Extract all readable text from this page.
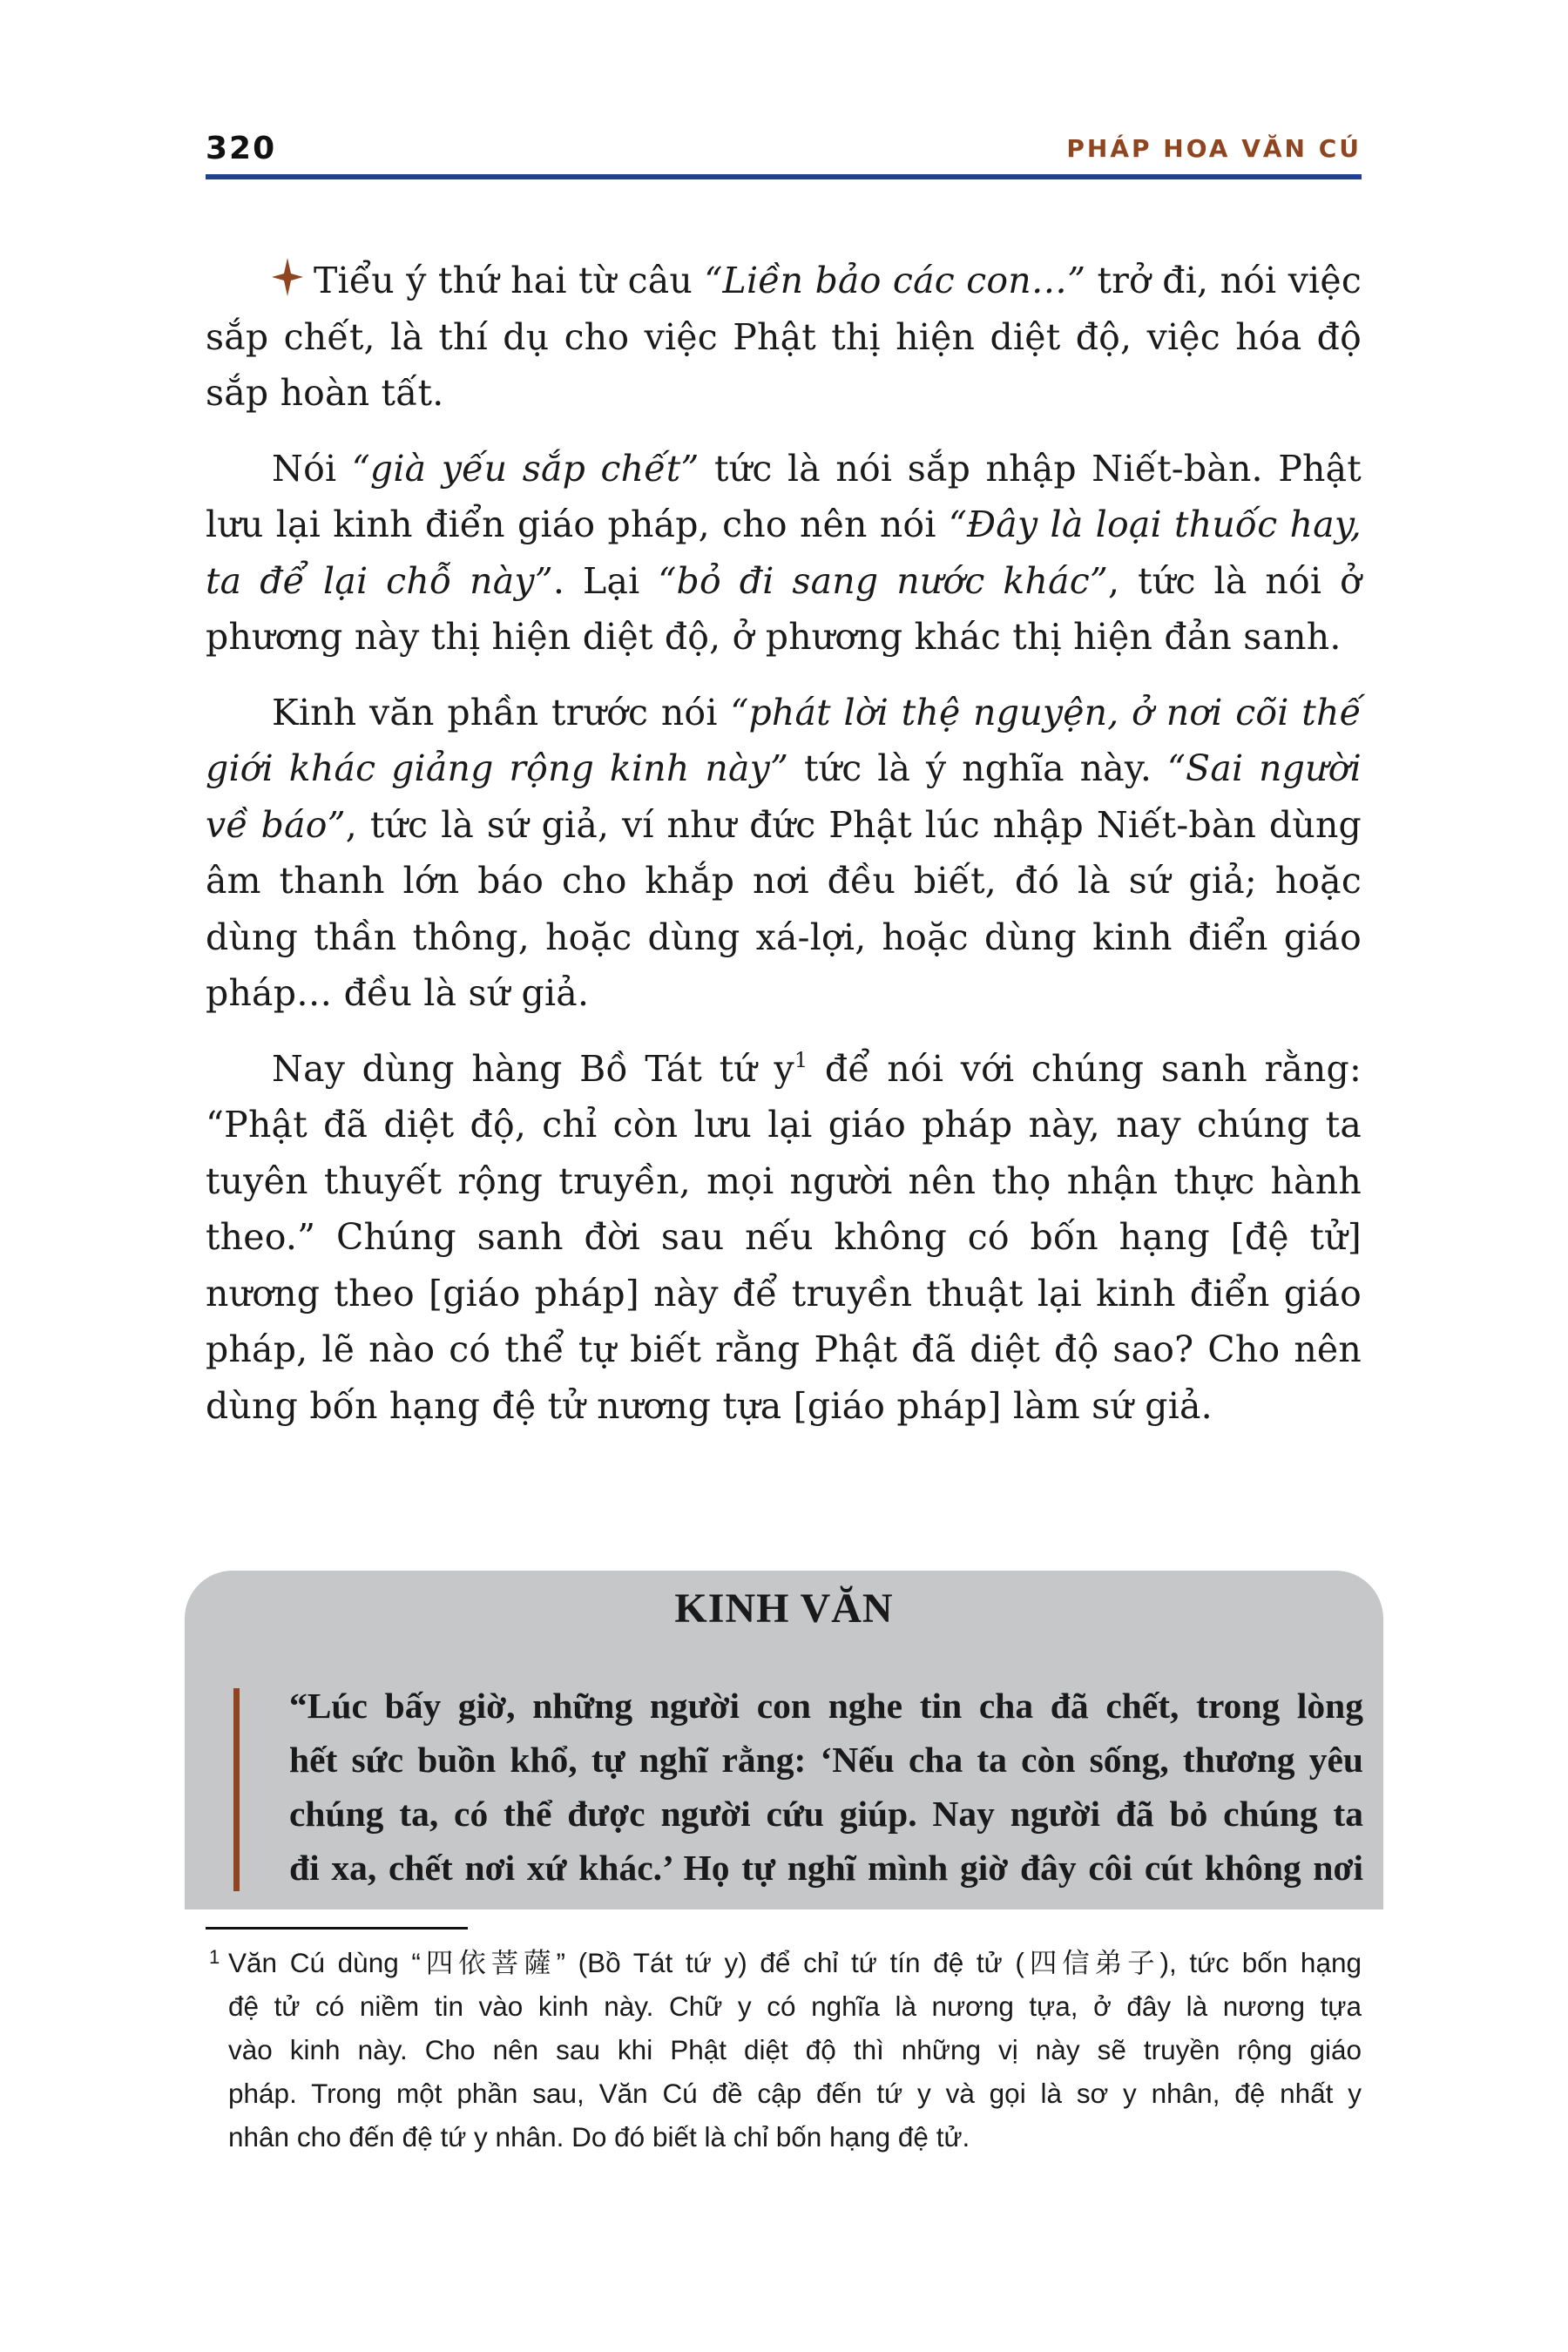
320	PHÁP HOA VĂN CÚ

Tiểu ý thứ hai từ câu “Liền bảo các con…” trở đi, nói việc sắp chết, là thí dụ cho việc Phật thị hiện diệt độ, việc hóa độ sắp hoàn tất.

Nói “già yếu sắp chết” tức là nói sắp nhập Niết-bàn. Phật lưu lại kinh điển giáo pháp, cho nên nói “Đây là loại thuốc hay, ta để lại chỗ này”. Lại “bỏ đi sang nước khác”, tức là nói ở phương này thị hiện diệt độ, ở phương khác thị hiện đản sanh.

Kinh văn phần trước nói “phát lời thệ nguyện, ở nơi cõi thế giới khác giảng rộng kinh này” tức là ý nghĩa này. “Sai người về báo”, tức là sứ giả, ví như đức Phật lúc nhập Niết-bàn dùng âm thanh lớn báo cho khắp nơi đều biết, đó là sứ giả; hoặc dùng thần thông, hoặc dùng xá-lợi, hoặc dùng kinh điển giáo pháp… đều là sứ giả.

Nay dùng hàng Bồ Tát tứ y$^1$ để nói với chúng sanh rằng: “Phật đã diệt độ, chỉ còn lưu lại giáo pháp này, nay chúng ta tuyên thuyết rộng truyền, mọi người nên thọ nhận thực hành theo.” Chúng sanh đời sau nếu không có bốn hạng [đệ tử] nương theo [giáo pháp] này để truyền thuật lại kinh điển giáo pháp, lẽ nào có thể tự biết rằng Phật đã diệt độ sao? Cho nên dùng bốn hạng đệ tử nương tựa [giáo pháp] làm sứ giả.

KINH VĂN
“Lúc bấy giờ, những người con nghe tin cha đã chết, trong lòng
hết sức buồn khổ, tự nghĩ rằng: ‘Nếu cha ta còn sống, thương yêu
chúng ta, có thể được người cứu giúp. Nay người đã bỏ chúng ta
đi xa, chết nơi xứ khác.’ Họ tự nghĩ mình giờ đây côi cút không nơi
1 Văn Cú dùng “四依菩薩” (Bồ Tát tứ y) để chỉ tứ tín đệ tử (四信弟子), tức bốn hạng
đệ tử có niềm tin vào kinh này. Chữ y có nghĩa là nương tựa, ở đây là nương tựa
vào kinh này. Cho nên sau khi Phật diệt độ thì những vị này sẽ truyền rộng giáo
pháp. Trong một phần sau, Văn Cú đề cập đến tứ y và gọi là sơ y nhân, đệ nhất y
nhân cho đến đệ tứ y nhân. Do đó biết là chỉ bốn hạng đệ tử.
